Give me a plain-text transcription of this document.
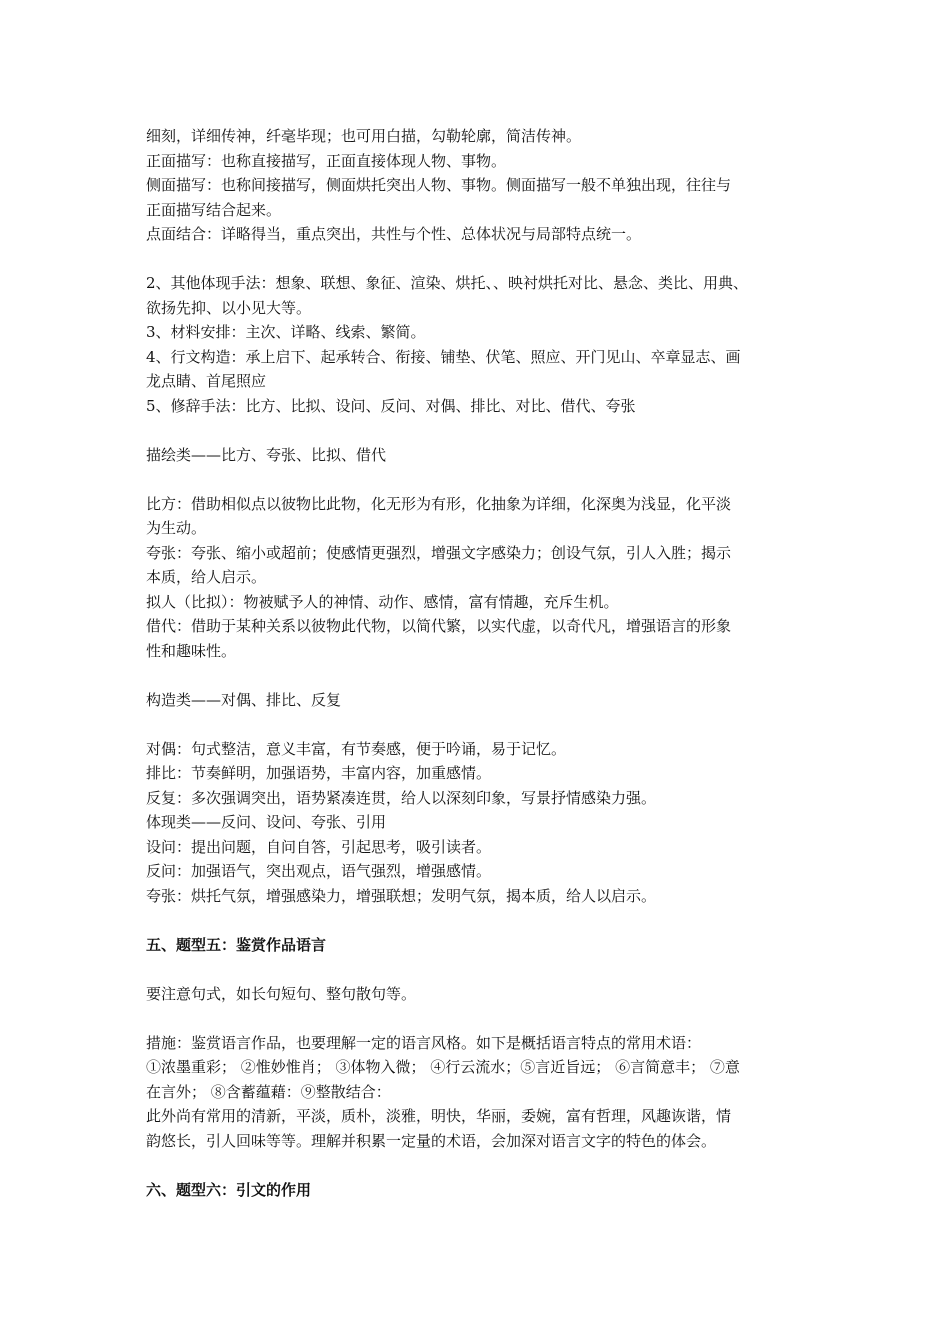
细刻，详细传神，纤毫毕现；也可用白描，勾勒轮廓，简洁传神。
正面描写：也称直接描写，正面直接体现人物、事物。
侧面描写：也称间接描写，侧面烘托突出人物、事物。侧面描写一般不单独出现，往往与
正面描写结合起来。
点面结合：详略得当，重点突出，共性与个性、总体状况与局部特点统一。
2、其他体现手法：想象、联想、象征、渲染、烘托、、映衬烘托对比、悬念、类比、用典、
欲扬先抑、以小见大等。
3、材料安排：主次、详略、线索、繁简。
4、行文构造：承上启下、起承转合、衔接、铺垫、伏笔、照应、开门见山、卒章显志、画
龙点睛、首尾照应
5、修辞手法：比方、比拟、设问、反问、对偶、排比、对比、借代、夸张
描绘类——比方、夸张、比拟、借代
比方：借助相似点以彼物比此物，化无形为有形，化抽象为详细，化深奥为浅显，化平淡
为生动。
夸张：夸张、缩小或超前；使感情更强烈，增强文字感染力；创设气氛，引人入胜；揭示
本质，给人启示。
拟人（比拟）：物被赋予人的神情、动作、感情，富有情趣，充斥生机。
借代：借助于某种关系以彼物此代物，以简代繁，以实代虚，以奇代凡，增强语言的形象
性和趣味性。
构造类——对偶、排比、反复
对偶：句式整洁，意义丰富，有节奏感，便于吟诵，易于记忆。
排比：节奏鲜明，加强语势，丰富内容，加重感情。
反复：多次强调突出，语势紧凑连贯，给人以深刻印象，写景抒情感染力强。
体现类——反问、设问、夸张、引用
设问：提出问题，自问自答，引起思考，吸引读者。
反问：加强语气，突出观点，语气强烈，增强感情。
夸张：烘托气氛，增强感染力，增强联想；发明气氛，揭本质，给人以启示。
五、题型五：鉴赏作品语言
要注意句式，如长句短句、整句散句等。
措施：鉴赏语言作品，也要理解一定的语言风格。如下是概括语言特点的常用术语：
①浓墨重彩； ②惟妙惟肖； ③体物入微； ④行云流水；⑤言近旨远； ⑥言简意丰； ⑦意
在言外； ⑧含蓄蕴藉：⑨整散结合：
此外尚有常用的清新，平淡，质朴，淡雅，明快，华丽，委婉，富有哲理，风趣诙谐，情
韵悠长，引人回味等等。理解并积累一定量的术语，会加深对语言文字的特色的体会。
六、题型六：引文的作用
